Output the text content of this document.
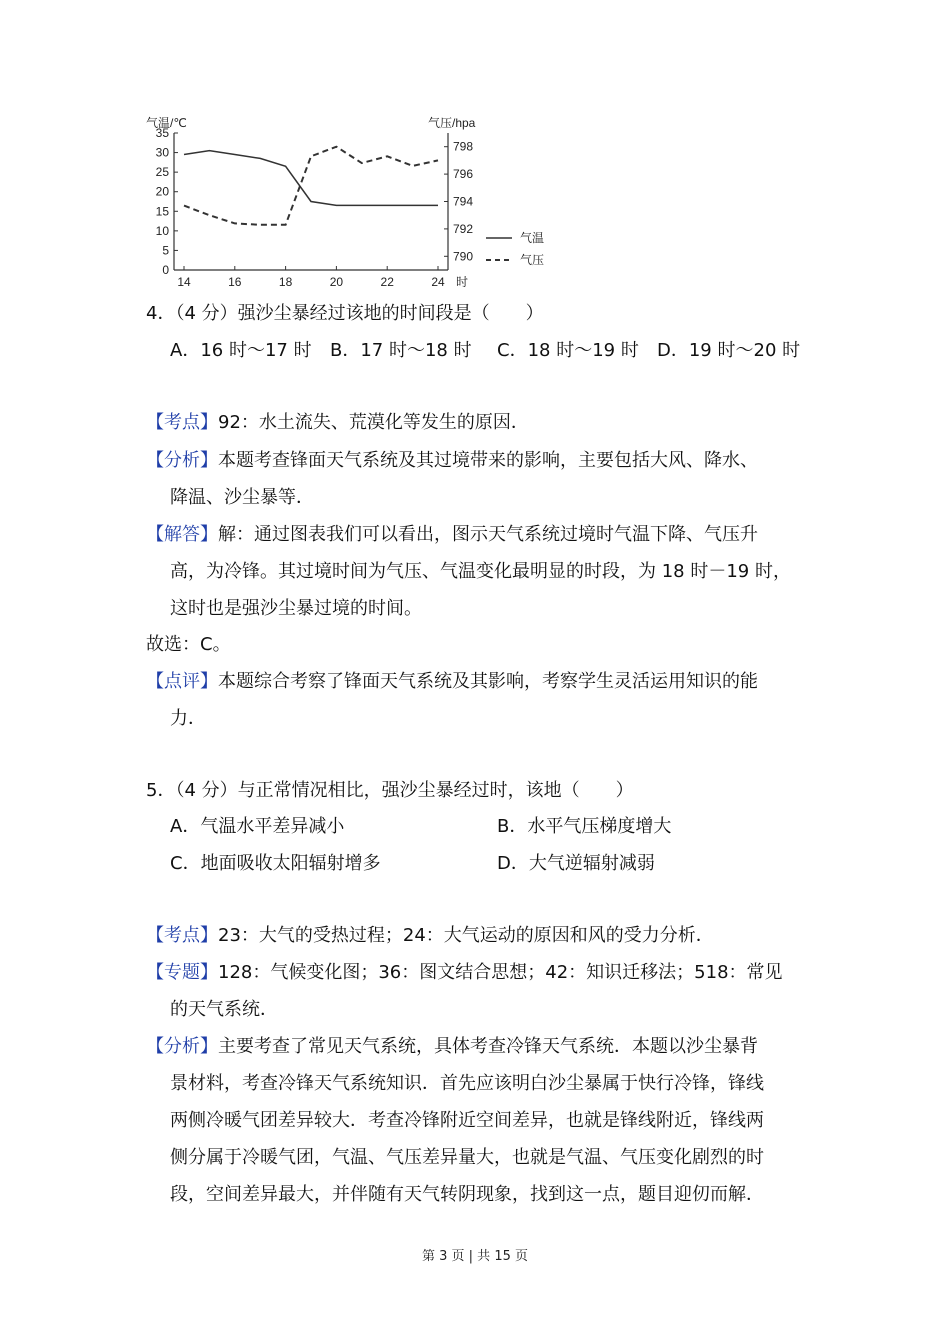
0
5
10
15
20
25
30
35
790
792
794
796
798
14	16	18	20	22	24 时
气温/℃	气压/hpa
气温
气压
4．（4 分）强沙尘暴经过该地的时间段是（　　）
A．16 时～17 时 B．17 时～18 时 C．18 时～19 时 D．19 时～20 时
【考点】92：水土流失、荒漠化等发生的原因．
【分析】本题考查锋面天气系统及其过境带来的影响，主要包括大风、降水、
降温、沙尘暴等．
【解答】解：通过图表我们可以看出，图示天气系统过境时气温下降、气压升
高，为冷锋。其过境时间为气压、气温变化最明显的时段，为 18 时－19 时，
这时也是强沙尘暴过境的时间。
故选：C。
【点评】本题综合考察了锋面天气系统及其影响，考察学生灵活运用知识的能
力．
5．（4 分）与正常情况相比，强沙尘暴经过时，该地（　　）
A．气温水平差异减小	B．水平气压梯度增大
C．地面吸收太阳辐射增多	D．大气逆辐射减弱
【考点】23：大气的受热过程；24：大气运动的原因和风的受力分析．
【专题】128：气候变化图；36：图文结合思想；42：知识迁移法；518：常见
的天气系统．
【分析】主要考查了常见天气系统，具体考查冷锋天气系统．本题以沙尘暴背
景材料，考查冷锋天气系统知识．首先应该明白沙尘暴属于快行冷锋，锋线
两侧冷暖气团差异较大．考查冷锋附近空间差异，也就是锋线附近，锋线两
侧分属于冷暖气团，气温、气压差异量大，也就是气温、气压变化剧烈的时
段，空间差异最大，并伴随有天气转阴现象，找到这一点，题目迎仞而解．
第 3 页 | 共 15 页
